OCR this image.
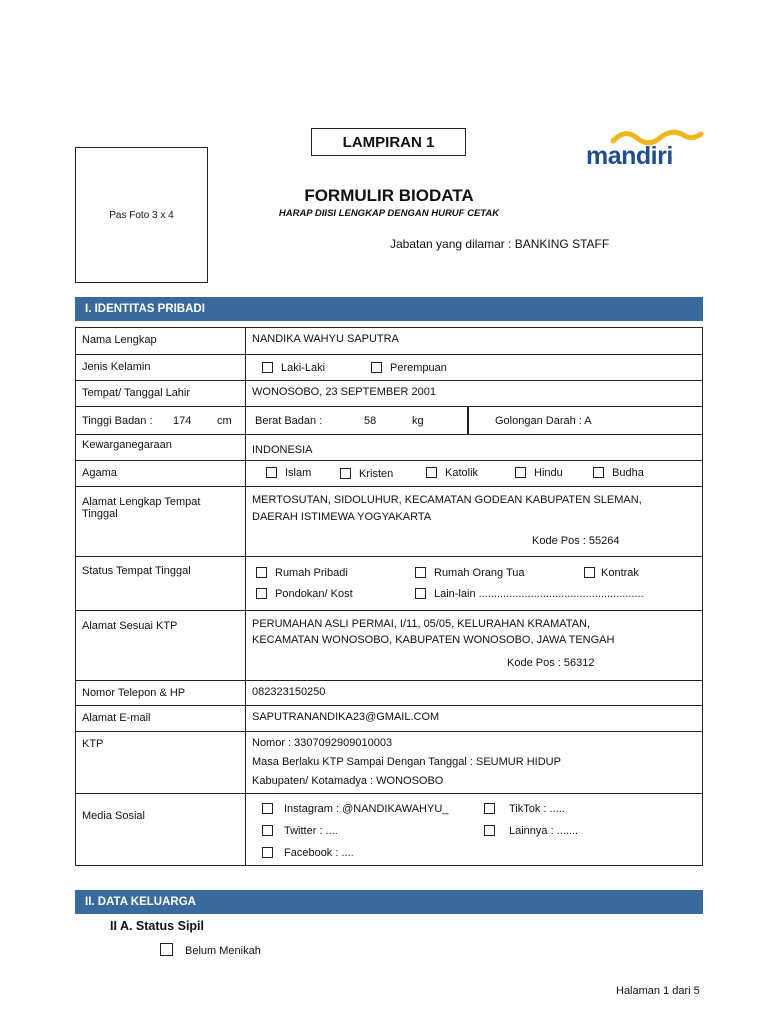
LAMPIRAN 1
Pas Foto 3 x 4
mandiri
FORMULIR BIODATA
HARAP DIISI LENGKAP DENGAN HURUF CETAK
Jabatan yang dilamar : BANKING STAFF
I. IDENTITAS PRIBADI
Nama Lengkap	NANDIKA WAHYU SAPUTRA
Jenis Kelamin	Laki-Laki Perempuan

Tempat/ Tanggal Lahir	WONOSOBO, 23 SEPTEMBER 2001

Tinggi Badan : 174 cm	Berat Badan : 58 kg Golongan Darah : A

Kewarganegaraan	INDONESIA
Agama	Islam Kristen Katolik Hindu Budha

Alamat Lengkap Tempat Tinggal	MERTOSUTAN, SIDOLUHUR, KECAMATAN GODEAN KABUPATEN SLEMAN,
DAERAH ISTIMEWA YOGYAKARTA
Kode Pos : 55264

Status Tempat Tinggal	Rumah Pribadi Rumah Orang Tua Kontrak
Pondokan/ Kost Lain-lain ......................................................

Alamat Sesuai KTP	PERUMAHAN ASLI PERMAI, I/11, 05/05, KELURAHAN KRAMATAN,
KECAMATAN WONOSOBO, KABUPATEN WONOSOBO, JAWA TENGAH
Kode Pos : 56312

Nomor Telepon & HP	082323150250
Alamat E-mail	SAPUTRANANDIKA23@GMAIL.COM
KTP	Nomor : 3307092909010003
Masa Berlaku KTP Sampai Dengan Tanggal : SEUMUR HIDUP
Kabupaten/ Kotamadya : WONOSOBO

Media Sosial	Instagram : @NANDIKAWAHYU_ TikTok : .....
Twitter : .... Lainnya : .......
Facebook : ....
II. DATA KELUARGA
II A. Status Sipil
Belum Menikah
Halaman 1 dari 5
